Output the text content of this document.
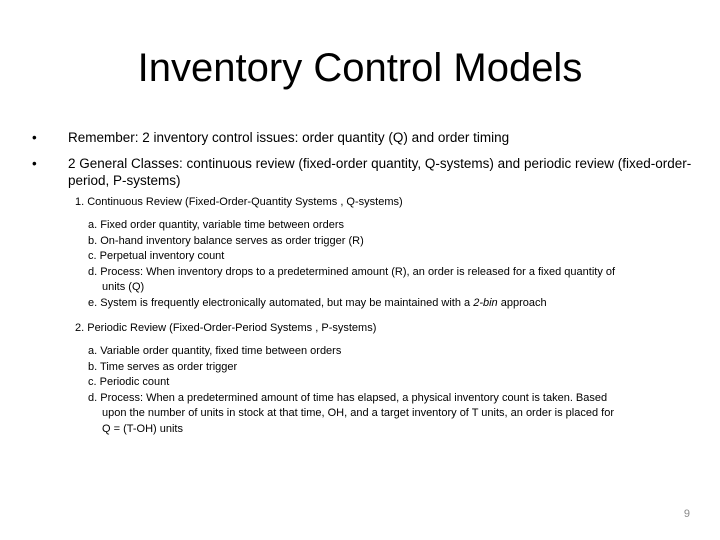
Inventory Control Models
•	Remember: 2 inventory control issues: order quantity (Q) and order timing
•	2 General Classes: continuous review (fixed-order quantity, Q-systems) and periodic review (fixed-order-period, P-systems)
1. Continuous Review (Fixed-Order-Quantity Systems , Q-systems)
a. Fixed order quantity, variable time between orders
b. On-hand inventory balance serves as order trigger (R)
c. Perpetual inventory count
d. Process: When inventory drops to a predetermined amount (R), an order is released for a fixed quantity of
units (Q)
e. System is frequently electronically automated, but may be maintained with a 2-bin approach
2. Periodic Review (Fixed-Order-Period Systems , P-systems)
a. Variable order quantity, fixed time between orders
b. Time serves as order trigger
c. Periodic count
d. Process: When a predetermined amount of time has elapsed, a physical inventory count is taken. Based
upon the number of units in stock at that time, OH, and a target inventory of T units, an order is placed for
Q = (T-OH) units
9
